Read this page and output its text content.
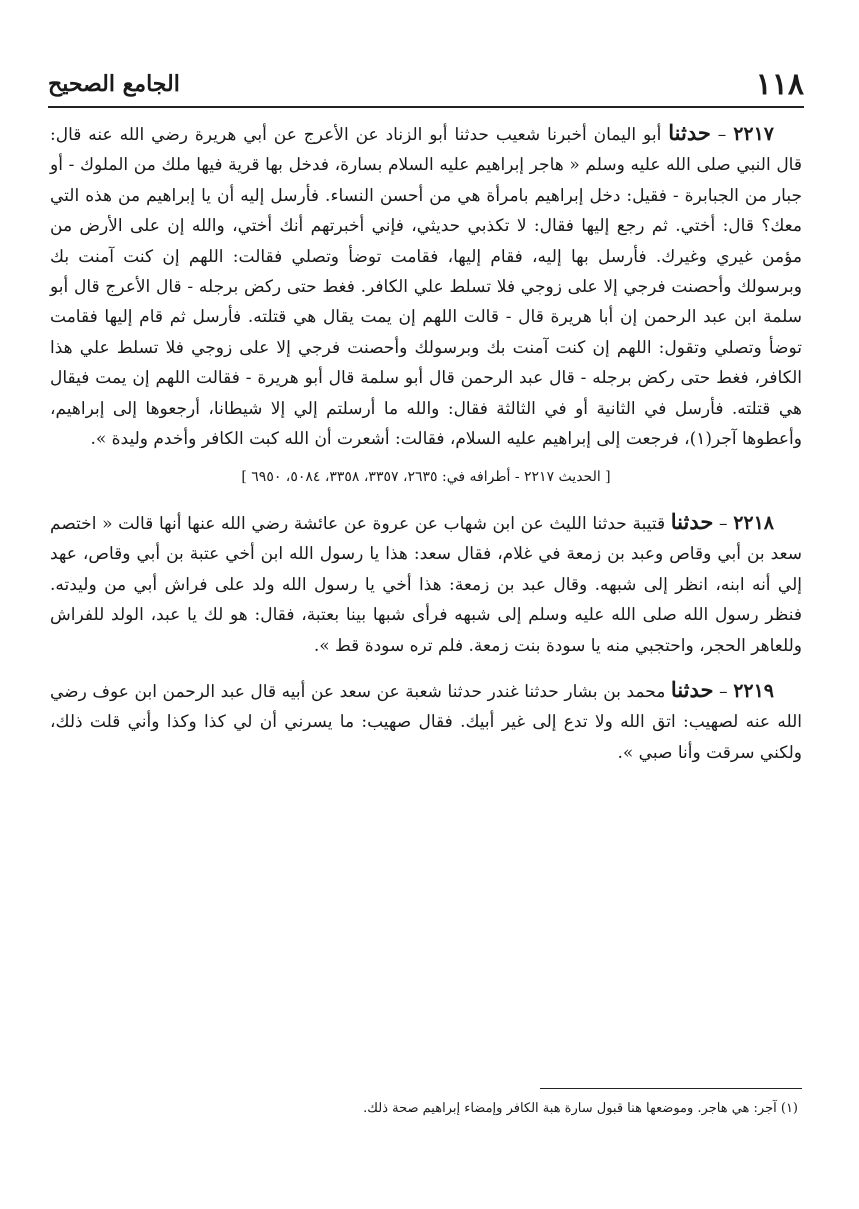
١١٨
الجامع الصحيح

٢٢١٧ – حدثنا أبو اليمان أخبرنا شعيب حدثنا أبو الزناد عن الأعرج عن أبي هريرة رضي الله عنه قال: قال النبي صلى الله عليه وسلم « هاجر إبراهيم عليه السلام بسارة، فدخل بها قرية فيها ملك من الملوك - أو جبار من الجبابرة - فقيل: دخل إبراهيم بامرأة هي من أحسن النساء. فأرسل إليه أن يا إبراهيم من هذه التي معك؟ قال: أختي. ثم رجع إليها فقال: لا تكذبي حديثي، فإني أخبرتهم أنك أختي، والله إن على الأرض من مؤمن غيري وغيرك. فأرسل بها إليه، فقام إليها، فقامت توضأ وتصلي فقالت: اللهم إن كنت آمنت بك وبرسولك وأحصنت فرجي إلا على زوجي فلا تسلط علي الكافر. فغط حتى ركض برجله - قال الأعرج قال أبو سلمة ابن عبد الرحمن إن أبا هريرة قال - قالت اللهم إن يمت يقال هي قتلته. فأرسل ثم قام إليها فقامت توضأ وتصلي وتقول: اللهم إن كنت آمنت بك وبرسولك وأحصنت فرجي إلا على زوجي فلا تسلط علي هذا الكافر، فغط حتى ركض برجله - قال عبد الرحمن قال أبو سلمة قال أبو هريرة - فقالت اللهم إن يمت فيقال هي قتلته. فأرسل في الثانية أو في الثالثة فقال: والله ما أرسلتم إلي إلا شيطانا، أرجعوها إلى إبراهيم، وأعطوها آجر(١)، فرجعت إلى إبراهيم عليه السلام، فقالت: أشعرت أن الله كبت الكافر وأخدم وليدة ».

[ الحديث ٢٢١٧ - أطرافه في: ٢٦٣٥، ٣٣٥٧، ٣٣٥٨، ٥٠٨٤، ٦٩٥٠ ]

٢٢١٨ – حدثنا قتيبة حدثنا الليث عن ابن شهاب عن عروة عن عائشة رضي الله عنها أنها قالت « اختصم سعد بن أبي وقاص وعبد بن زمعة في غلام، فقال سعد: هذا يا رسول الله ابن أخي عتبة بن أبي وقاص، عهد إلي أنه ابنه، انظر إلى شبهه. وقال عبد بن زمعة: هذا أخي يا رسول الله ولد على فراش أبي من وليدته. فنظر رسول الله صلى الله عليه وسلم إلى شبهه فرأى شبها بينا بعتبة، فقال: هو لك يا عبد، الولد للفراش وللعاهر الحجر، واحتجبي منه يا سودة بنت زمعة. فلم تره سودة قط ».

٢٢١٩ – حدثنا محمد بن بشار حدثنا غندر حدثنا شعبة عن سعد عن أبيه قال عبد الرحمن ابن عوف رضي الله عنه لصهيب: اتق الله ولا تدع إلى غير أبيك. فقال صهيب: ما يسرني أن لي كذا وكذا وأني قلت ذلك، ولكني سرقت وأنا صبي ».

(١) آجر: هي هاجر. وموضعها هنا قبول سارة هبة الكافر وإمضاء إبراهيم صحة ذلك.
